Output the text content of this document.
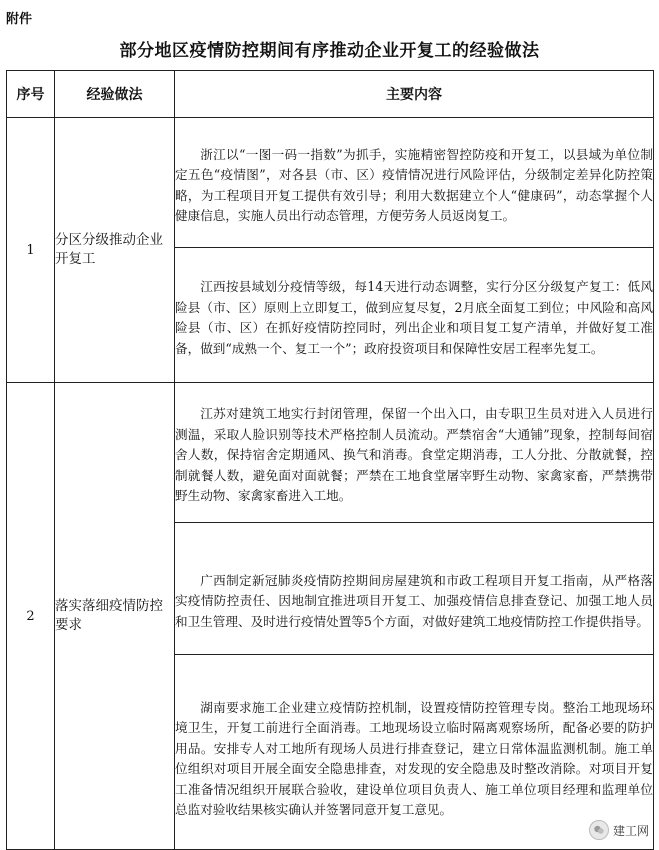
附件
部分地区疫情防控期间有序推动企业开复工的经验做法
序号	经验做法	主要内容
1	分区分级推动企业开复工	浙江以“一图一码一指数”为抓手，实施精密智控防疫和开复工，以县域为单位制定五色“疫情图”，对各县（市、区）疫情情况进行风险评估，分级制定差异化防控策略，为工程项目开复工提供有效引导；利用大数据建立个人“健康码”，动态掌握个人健康信息，实施人员出行动态管理，方便劳务人员返岗复工。

		江西按县域划分疫情等级，每14天进行动态调整，实行分区分级复产复工：低风险县（市、区）原则上立即复工，做到应复尽复，2月底全面复工到位；中风险和高风险县（市、区）在抓好疫情防控同时，列出企业和项目复工复产清单，并做好复工准备，做到“成熟一个、复工一个”；政府投资项目和保障性安居工程率先复工。

2	落实落细疫情防控要求	江苏对建筑工地实行封闭管理，保留一个出入口，由专职卫生员对进入人员进行测温，采取人脸识别等技术严格控制人员流动。严禁宿舍“大通铺”现象，控制每间宿舍人数，保持宿舍定期通风、换气和消毒。食堂定期消毒，工人分批、分散就餐，控制就餐人数，避免面对面就餐；严禁在工地食堂屠宰野生动物、家禽家畜，严禁携带野生动物、家禽家畜进入工地。

		广西制定新冠肺炎疫情防控期间房屋建筑和市政工程项目开复工指南，从严格落实疫情防控责任、因地制宜推进项目开复工、加强疫情信息排查登记、加强工地人员和卫生管理、及时进行疫情处置等5个方面，对做好建筑工地疫情防控工作提供指导。

		湖南要求施工企业建立疫情防控机制，设置疫情防控管理专岗。整治工地现场环境卫生，开复工前进行全面消毒。工地现场设立临时隔离观察场所，配备必要的防护用品。安排专人对工地所有现场人员进行排查登记，建立日常体温监测机制。施工单位组织对项目开展全面安全隐患排查，对发现的安全隐患及时整改消除。对项目开复工准备情况组织开展联合验收，建设单位项目负责人、施工单位项目经理和监理单位总监对验收结果核实确认并签署同意开复工意见。
建工网
